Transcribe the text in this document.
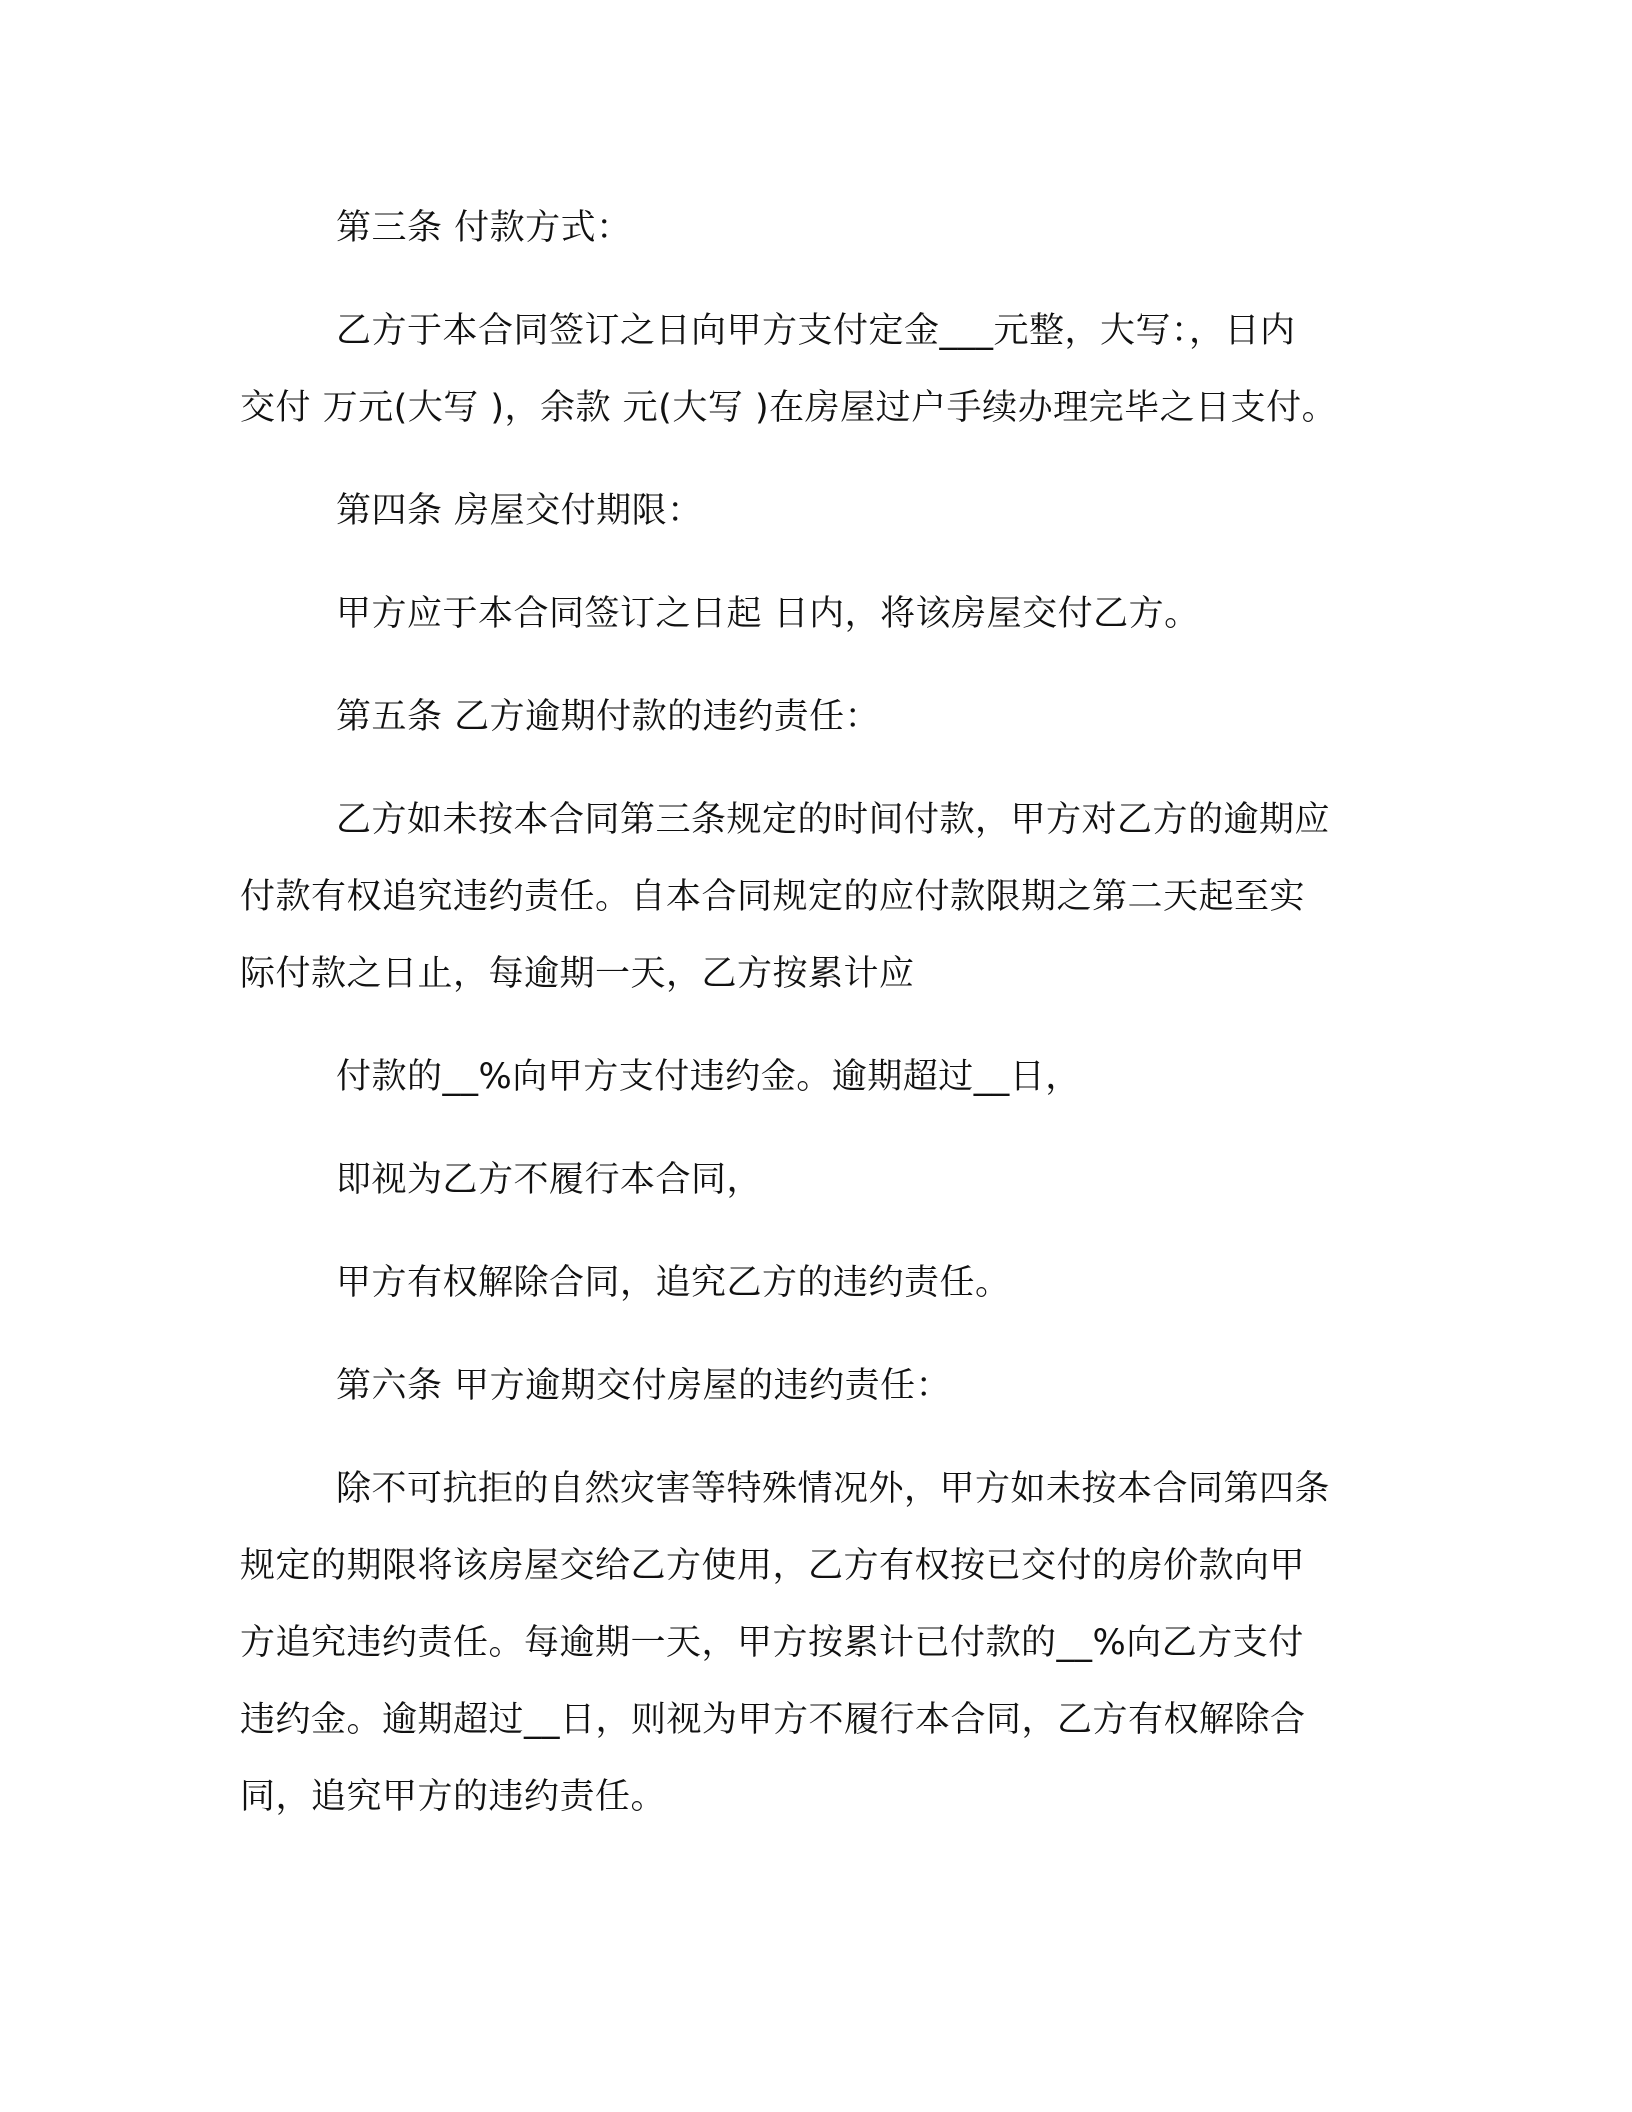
第三条 付款方式：

乙方于本合同签订之日向甲方支付定金___元整，大写：，日内
交付 万元(大写 )，余款 元(大写 )在房屋过户手续办理完毕之日支付。

第四条 房屋交付期限：

甲方应于本合同签订之日起 日内，将该房屋交付乙方。

第五条 乙方逾期付款的违约责任：

乙方如未按本合同第三条规定的时间付款，甲方对乙方的逾期应
付款有权追究违约责任。自本合同规定的应付款限期之第二天起至实
际付款之日止，每逾期一天，乙方按累计应

付款的__%向甲方支付违约金。逾期超过__日，

即视为乙方不履行本合同，

甲方有权解除合同，追究乙方的违约责任。

第六条 甲方逾期交付房屋的违约责任：

除不可抗拒的自然灾害等特殊情况外，甲方如未按本合同第四条
规定的期限将该房屋交给乙方使用，乙方有权按已交付的房价款向甲
方追究违约责任。每逾期一天，甲方按累计已付款的__%向乙方支付
违约金。逾期超过__日，则视为甲方不履行本合同，乙方有权解除合
同，追究甲方的违约责任。
